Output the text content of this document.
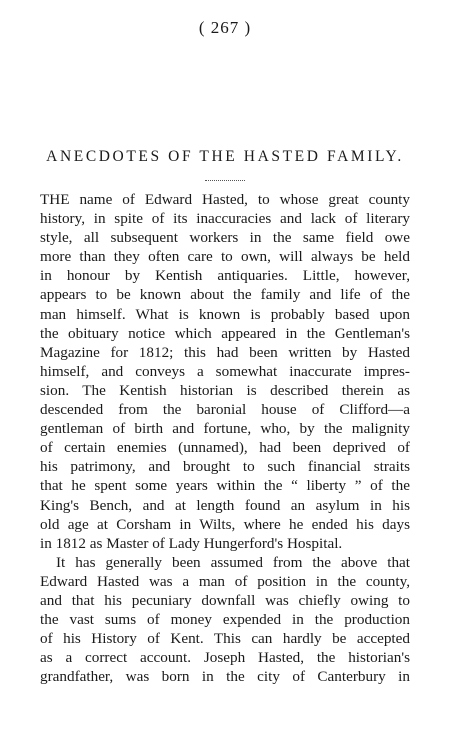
( 267 )
ANECDOTES OF THE HASTED FAMILY.
THE name of Edward Hasted, to whose great county
history, in spite of its inaccuracies and lack of literary
style, all subsequent workers in the same field owe
more than they often care to own, will always be held
in honour by Kentish antiquaries. Little, however,
appears to be known about the family and life of the
man himself. What is known is probably based upon
the obituary notice which appeared in the Gentleman's
Magazine for 1812; this had been written by Hasted
himself, and conveys a somewhat inaccurate impres-
sion. The Kentish historian is described therein as
descended from the baronial house of Clifford—a
gentleman of birth and fortune, who, by the malignity
of certain enemies (unnamed), had been deprived of
his patrimony, and brought to such financial straits
that he spent some years within the “ liberty ” of the
King's Bench, and at length found an asylum in his
old age at Corsham in Wilts, where he ended his days
in 1812 as Master of Lady Hungerford's Hospital.
It has generally been assumed from the above that
Edward Hasted was a man of position in the county,
and that his pecuniary downfall was chiefly owing to
the vast sums of money expended in the production
of his History of Kent. This can hardly be accepted
as a correct account. Joseph Hasted, the historian's
grandfather, was born in the city of Canterbury in
